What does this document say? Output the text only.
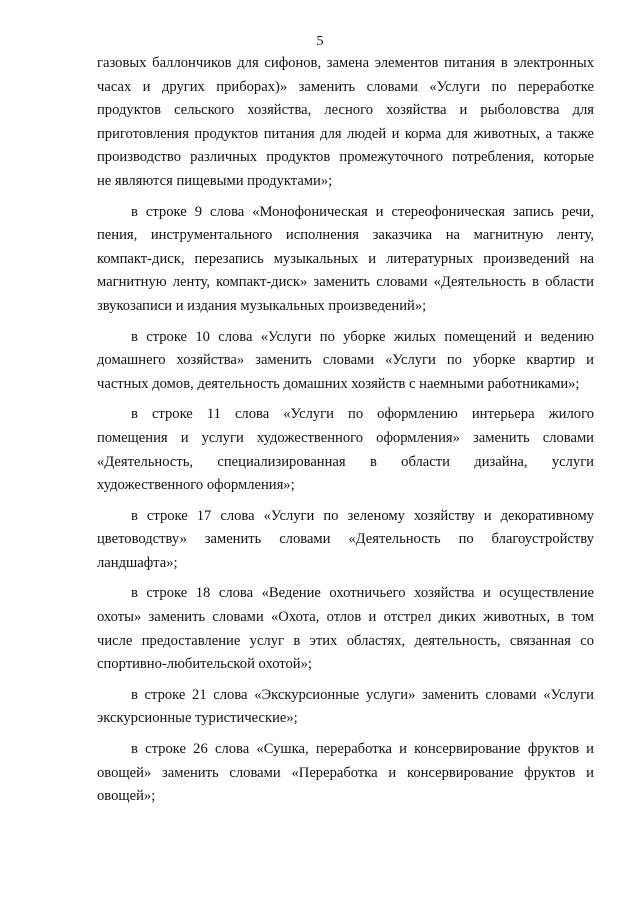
5
газовых баллончиков для сифонов, замена элементов питания в электронных
часах и других приборах)» заменить словами «Услуги по переработке
продуктов сельского хозяйства, лесного хозяйства и рыболовства для
приготовления продуктов питания для людей и корма для животных, а также
производство различных продуктов промежуточного потребления, которые
не являются пищевыми продуктами»;
в строке 9 слова «Монофоническая и стереофоническая запись речи,
пения, инструментального исполнения заказчика на магнитную ленту,
компакт-диск, перезапись музыкальных и литературных произведений на
магнитную ленту, компакт-диск» заменить словами «Деятельность в области
звукозаписи и издания музыкальных произведений»;
в строке 10 слова «Услуги по уборке жилых помещений и ведению
домашнего хозяйства» заменить словами «Услуги по уборке квартир и
частных домов, деятельность домашних хозяйств с наемными работниками»;
в строке 11 слова «Услуги по оформлению интерьера жилого
помещения и услуги художественного оформления» заменить словами
«Деятельность, специализированная в области дизайна, услуги
художественного оформления»;
в строке 17 слова «Услуги по зеленому хозяйству и декоративному
цветоводству» заменить словами «Деятельность по благоустройству
ландшафта»;
в строке 18 слова «Ведение охотничьего хозяйства и осуществление
охоты» заменить словами «Охота, отлов и отстрел диких животных, в том
числе предоставление услуг в этих областях, деятельность, связанная со
спортивно-любительской охотой»;
в строке 21 слова «Экскурсионные услуги» заменить словами «Услуги
экскурсионные туристические»;
в строке 26 слова «Сушка, переработка и консервирование фруктов и
овощей» заменить словами «Переработка и консервирование фруктов и
овощей»;
